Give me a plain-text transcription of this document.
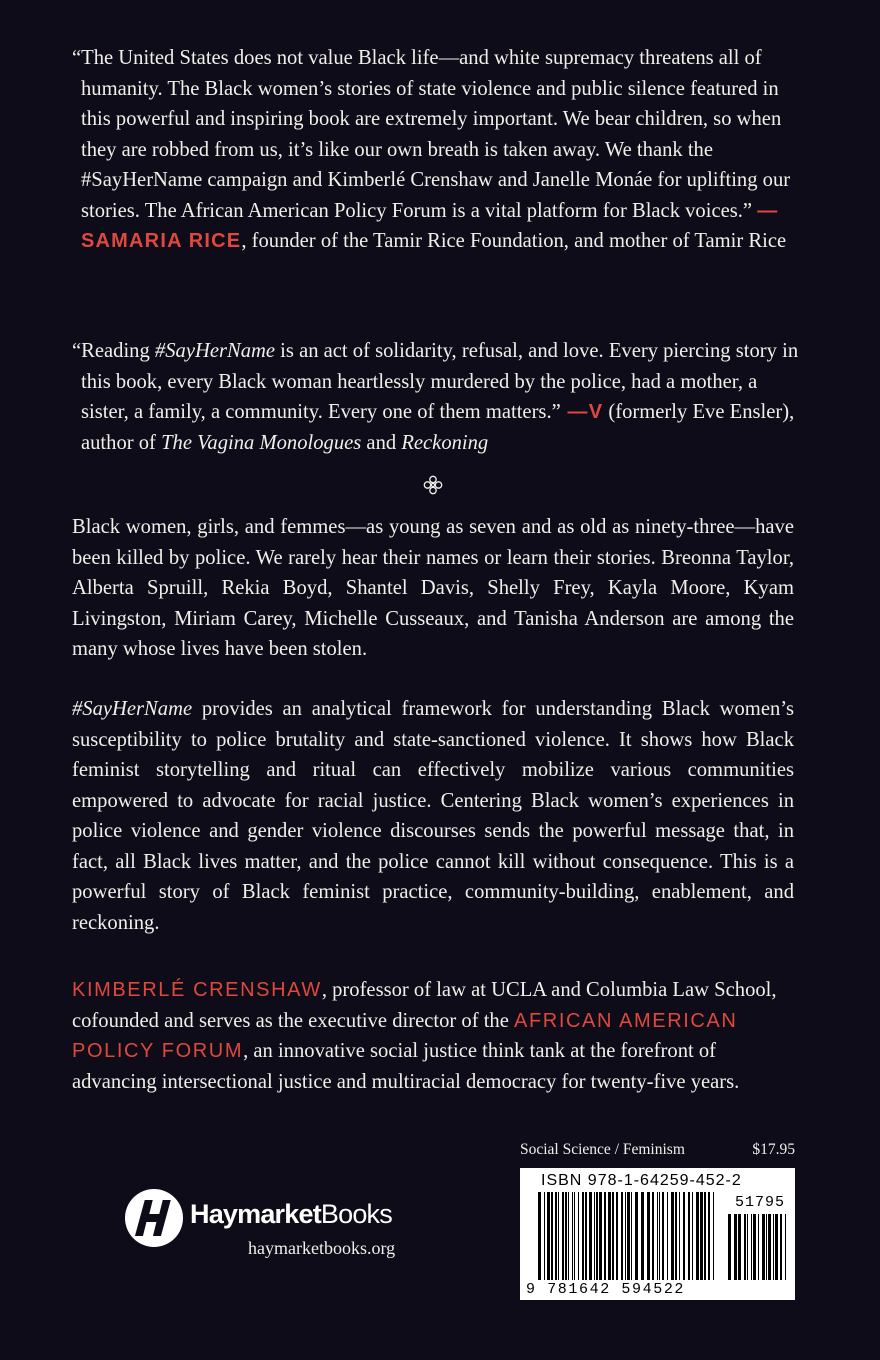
“The United States does not value Black life—and white supremacy threatens all of humanity. The Black women’s stories of state violence and public silence featured in this powerful and inspiring book are extremely important. We bear children, so when they are robbed from us, it’s like our own breath is taken away. We thank the #SayHerName campaign and Kimberlé Crenshaw and Janelle Monáe for uplifting our stories. The African American Policy Forum is a vital platform for Black voices.” —SAMARIA RICE, founder of the Tamir Rice Foundation, and mother of Tamir Rice

“Reading #SayHerName is an act of solidarity, refusal, and love. Every piercing story in this book, every Black woman heartlessly murdered by the police, had a mother, a sister, a family, a community. Every one of them matters.” —V (formerly Eve Ensler), author of The Vagina Monologues and Reckoning

Black women, girls, and femmes—as young as seven and as old as ninety-three—have been killed by police. We rarely hear their names or learn their stories. Breonna Taylor, Alberta Spruill, Rekia Boyd, Shantel Davis, Shelly Frey, Kayla Moore, Kyam Livingston, Miriam Carey, Michelle Cusseaux, and Tanisha Anderson are among the many whose lives have been stolen.

#SayHerName provides an analytical framework for understanding Black women’s susceptibility to police brutality and state-sanctioned violence. It shows how Black feminist storytelling and ritual can effectively mobilize various communities empowered to advocate for racial justice. Centering Black women’s experiences in police violence and gender violence discourses sends the powerful message that, in fact, all Black lives matter, and the police cannot kill without consequence. This is a powerful story of Black feminist practice, community-building, enablement, and reckoning.

KIMBERLÉ CRENSHAW, professor of law at UCLA and Columbia Law School, cofounded and serves as the executive director of the AFRICAN AMERICAN POLICY FORUM, an innovative social justice think tank at the forefront of advancing intersectional justice and multiracial democracy for twenty-five years.

Social Science / Feminism	$17.95
ISBN 978-1-64259-452-2
51795
9 781642 594522
HaymarketBooks
haymarketbooks.org
